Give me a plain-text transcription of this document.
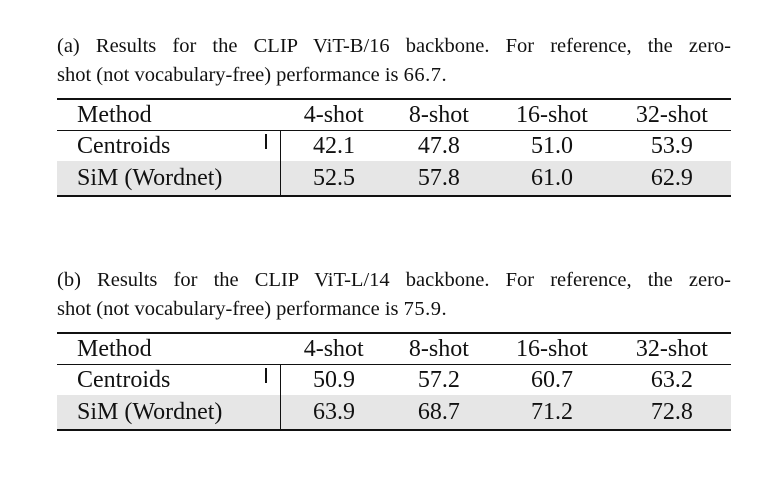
(a) Results for the CLIP ViT-B/16 backbone. For reference, the zero-
shot (not vocabulary-free) performance is 66.7.

Method	4-shot	8-shot	16-shot	32-shot
Centroids	42.1	47.8	51.0	53.9
SiM (Wordnet)	52.5	57.8	61.0	62.9

(b) Results for the CLIP ViT-L/14 backbone. For reference, the zero-
shot (not vocabulary-free) performance is 75.9.

Method	4-shot	8-shot	16-shot	32-shot
Centroids	50.9	57.2	60.7	63.2
SiM (Wordnet)	63.9	68.7	71.2	72.8
